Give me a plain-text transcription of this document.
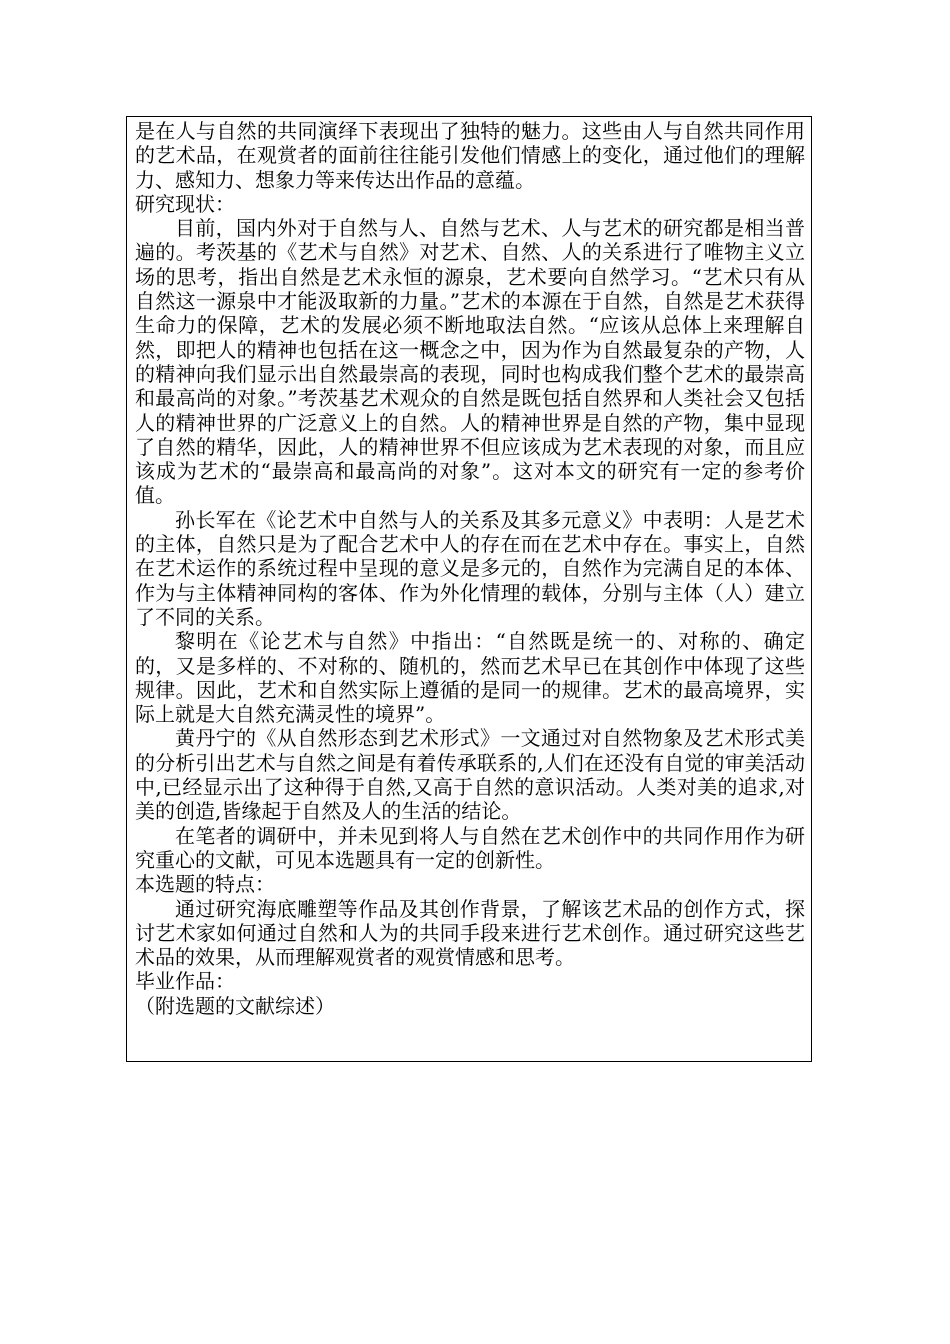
是在人与自然的共同演绎下表现出了独特的魅力。这些由人与自然共同作用的艺术品，在观赏者的面前往往能引发他们情感上的变化，通过他们的理解力、感知力、想象力等来传达出作品的意蕴。

研究现状：

目前，国内外对于自然与人、自然与艺术、人与艺术的研究都是相当普遍的。考茨基的《艺术与自然》对艺术、自然、人的关系进行了唯物主义立场的思考，指出自然是艺术永恒的源泉，艺术要向自然学习。“艺术只有从自然这一源泉中才能汲取新的力量。”艺术的本源在于自然，自然是艺术获得生命力的保障，艺术的发展必须不断地取法自然。“应该从总体上来理解自然，即把人的精神也包括在这一概念之中，因为作为自然最复杂的产物，人的精神向我们显示出自然最崇高的表现，同时也构成我们整个艺术的最崇高和最高尚的对象。”考茨基艺术观众的自然是既包括自然界和人类社会又包括人的精神世界的广泛意义上的自然。人的精神世界是自然的产物，集中显现了自然的精华，因此，人的精神世界不但应该成为艺术表现的对象，而且应该成为艺术的“最崇高和最高尚的对象”。这对本文的研究有一定的参考价值。

孙长军在《论艺术中自然与人的关系及其多元意义》中表明：人是艺术的主体，自然只是为了配合艺术中人的存在而在艺术中存在。事实上，自然在艺术运作的系统过程中呈现的意义是多元的，自然作为完满自足的本体、作为与主体精神同构的客体、作为外化情理的载体，分别与主体（人）建立了不同的关系。

黎明在《论艺术与自然》中指出：“自然既是统一的、对称的、确定的，又是多样的、不对称的、随机的，然而艺术早已在其创作中体现了这些规律。因此，艺术和自然实际上遵循的是同一的规律。艺术的最高境界，实际上就是大自然充满灵性的境界”。

黄丹宁的《从自然形态到艺术形式》一文通过对自然物象及艺术形式美的分析引出艺术与自然之间是有着传承联系的,人们在还没有自觉的审美活动中,已经显示出了这种得于自然,又高于自然的意识活动。人类对美的追求,对美的创造,皆缘起于自然及人的生活的结论。

在笔者的调研中，并未见到将人与自然在艺术创作中的共同作用作为研究重心的文献，可见本选题具有一定的创新性。

本选题的特点：

通过研究海底雕塑等作品及其创作背景，了解该艺术品的创作方式，探讨艺术家如何通过自然和人为的共同手段来进行艺术创作。通过研究这些艺术品的效果，从而理解观赏者的观赏情感和思考。

毕业作品：

（附选题的文献综述）
